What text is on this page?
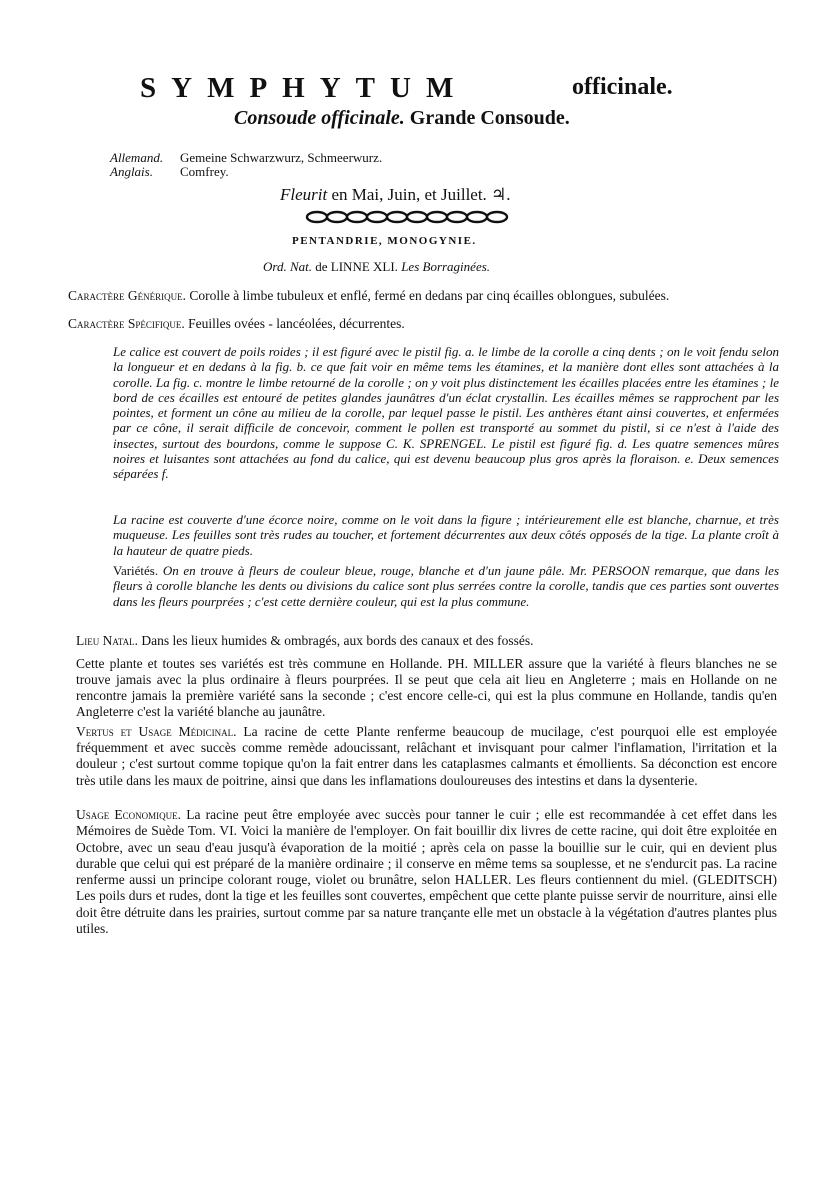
SYMPHYTUM	officinale.
Consoude officinale. Grande Consoude.
Allemand. Gemeine Schwarzwurz, Schmeerwurz.
Anglais. Comfrey.
Fleurit en Mai, Juin, et Juillet. ♃.
PENTANDRIE, MONOGYNIE.
Ord. Nat. de LINNE XLI. Les Borraginées.
Caractère Générique. Corolle à limbe tubuleux et enflé, fermé en dedans par cinq écailles oblongues, subulées.
Caractère Spécifique. Feuilles ovées - lancéolées, décurrentes.
Le calice est couvert de poils roides ; il est figuré avec le pistil fig. a. le limbe de la corolle a cinq dents ; on le voit fendu selon la longueur et en dedans à la fig. b. ce que fait voir en même tems les étamines, et la manière dont elles sont attachées à la corolle. La fig. c. montre le limbe retourné de la corolle ; on y voit plus distinctement les écailles placées entre les étamines ; le bord de ces écailles est entouré de petites glandes jaunâtres d'un éclat crystallin. Les écailles mêmes se rapprochent par les pointes, et forment un cône au milieu de la corolle, par lequel passe le pistil. Les anthères étant ainsi couvertes, et enfermées par ce cône, il serait difficile de concevoir, comment le pollen est transporté au sommet du pistil, si ce n'est à l'aide des insectes, surtout des bourdons, comme le suppose C. K. SPRENGEL. Le pistil est figuré fig. d. Les quatre semences mûres noires et luisantes sont attachées au fond du calice, qui est devenu beaucoup plus gros après la floraison. e. Deux semences séparées f.
La racine est couverte d'une écorce noire, comme on le voit dans la figure ; intérieurement elle est blanche, charnue, et très muqueuse. Les feuilles sont très rudes au toucher, et fortement décurrentes aux deux côtés opposés de la tige. La plante croît à la hauteur de quatre pieds.
Variétés. On en trouve à fleurs de couleur bleue, rouge, blanche et d'un jaune pâle. Mr. PERSOON remarque, que dans les fleurs à corolle blanche les dents ou divisions du calice sont plus serrées contre la corolle, tandis que ces parties sont ouvertes dans les fleurs pourprées ; c'est cette dernière couleur, qui est la plus commune.
Lieu Natal. Dans les lieux humides & ombragés, aux bords des canaux et des fossés.
Cette plante et toutes ses variétés est très commune en Hollande. PH. MILLER assure que la variété à fleurs blanches ne se trouve jamais avec la plus ordinaire à fleurs pourprées. Il se peut que cela ait lieu en Angleterre ; mais en Hollande on ne rencontre jamais la première variété sans la seconde ; c'est encore celle-ci, qui est la plus commune en Hollande, tandis qu'en Angleterre c'est la variété blanche au jaunâtre.
Vertus et Usage Médicinal. La racine de cette Plante renferme beaucoup de mucilage, c'est pourquoi elle est employée fréquemment et avec succès comme remède adoucissant, relâchant et invisquant pour calmer l'inflamation, l'irritation et la douleur ; c'est surtout comme topique qu'on la fait entrer dans les cataplasmes calmants et émollients. Sa déconction est encore très utile dans les maux de poitrine, ainsi que dans les inflamations douloureuses des intestins et dans la dysenterie.
Usage Economique. La racine peut être employée avec succès pour tanner le cuir ; elle est recommandée à cet effet dans les Mémoires de Suède Tom. VI. Voici la manière de l'employer. On fait bouillir dix livres de cette racine, qui doit être exploitée en Octobre, avec un seau d'eau jusqu'à évaporation de la moitié ; après cela on passe la bouillie sur le cuir, qui en devient plus durable que celui qui est préparé de la manière ordinaire ; il conserve en même tems sa souplesse, et ne s'endurcit pas. La racine renferme aussi un principe colorant rouge, violet ou brunâtre, selon HALLER. Les fleurs contiennent du miel. (GLEDITSCH) Les poils durs et rudes, dont la tige et les feuilles sont couvertes, empêchent que cette plante puisse servir de nourriture, ainsi elle doit être détruite dans les prairies, surtout comme par sa nature trançante elle met un obstacle à la végétation d'autres plantes plus utiles.
